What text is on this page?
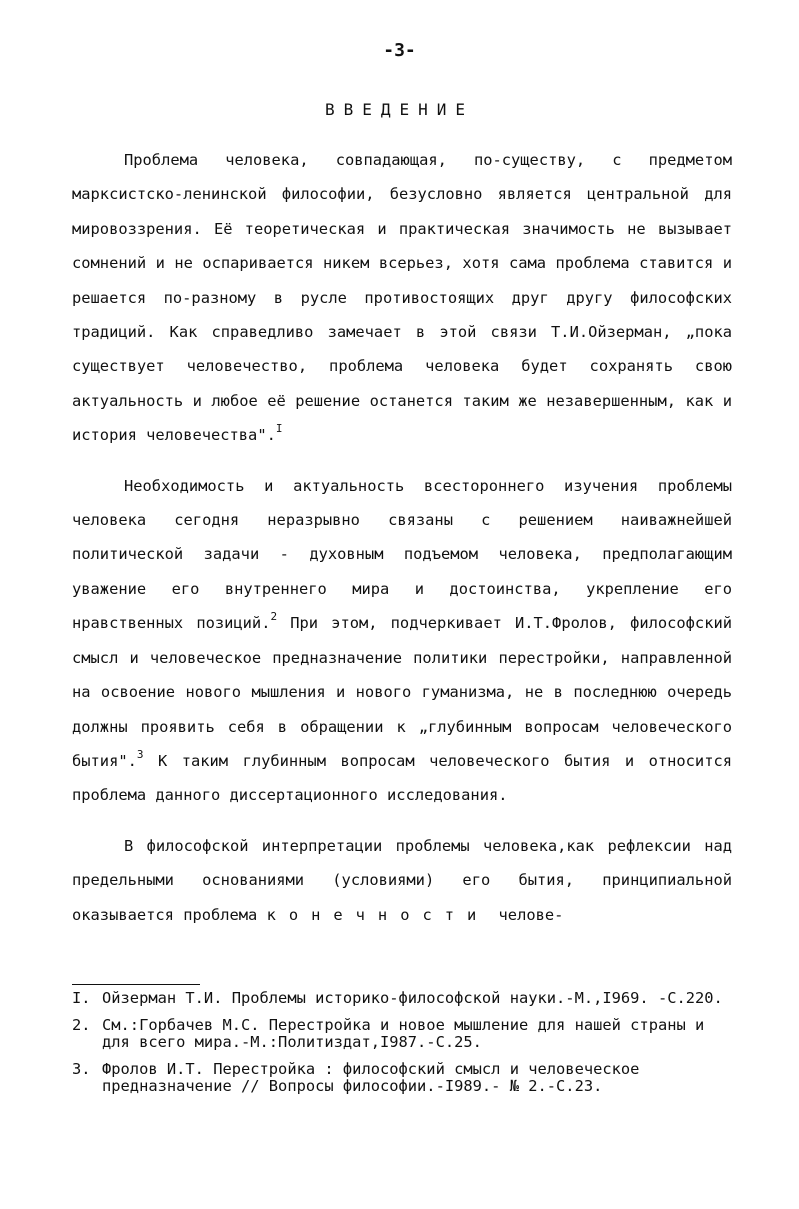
-3-
ВВЕДЕНИЕ

Проблема человека, совпадающая, по-существу, с предметом марксистско-ленинской философии, безусловно является центральной для мировоззрения. Её теоретическая и практическая значимость не вызывает сомнений и не оспаривается никем всерьез, хотя сама проблема ставится и решается по-разному в русле противостоящих друг другу философских традиций. Как справедливо замечает в этой связи Т.И.Ойзерман, „пока существует человечество, проблема человека будет сохранять свою актуальность и любое её решение останется таким же незавершенным, как и история человечества".$^I$

Необходимость и актуальность всестороннего изучения проблемы человека сегодня неразрывно связаны с решением наиважнейшей политической задачи - духовным подъемом человека, предполагающим уважение его внутреннего мира и достоинства, укрепление его нравственных позиций.$^2$ При этом, подчеркивает И.Т.Фролов, философский смысл и человеческое предназначение политики перестройки, направленной на освоение нового мышления и нового гуманизма, не в последнюю очередь должны проявить себя в обращении к „глубинным вопросам человеческого бытия".$^3$ К таким глубинным вопросам человеческого бытия и относится проблема данного диссертационного исследования.

В философской интерпретации проблемы человека,как рефлексии над предельными основаниями (условиями) его бытия, принципиальной оказывается проблема конечности челове-

I. Ойзерман Т.И. Проблемы историко-философской науки.-М.,I969. -С.220.
2. См.:Горбачев М.С. Перестройка и новое мышление для нашей страны и для всего мира.-М.:Политиздат,I987.-С.25.
3. Фролов И.Т. Перестройка : философский смысл и человеческое предназначение // Вопросы философии.-I989.- № 2.-С.23.
